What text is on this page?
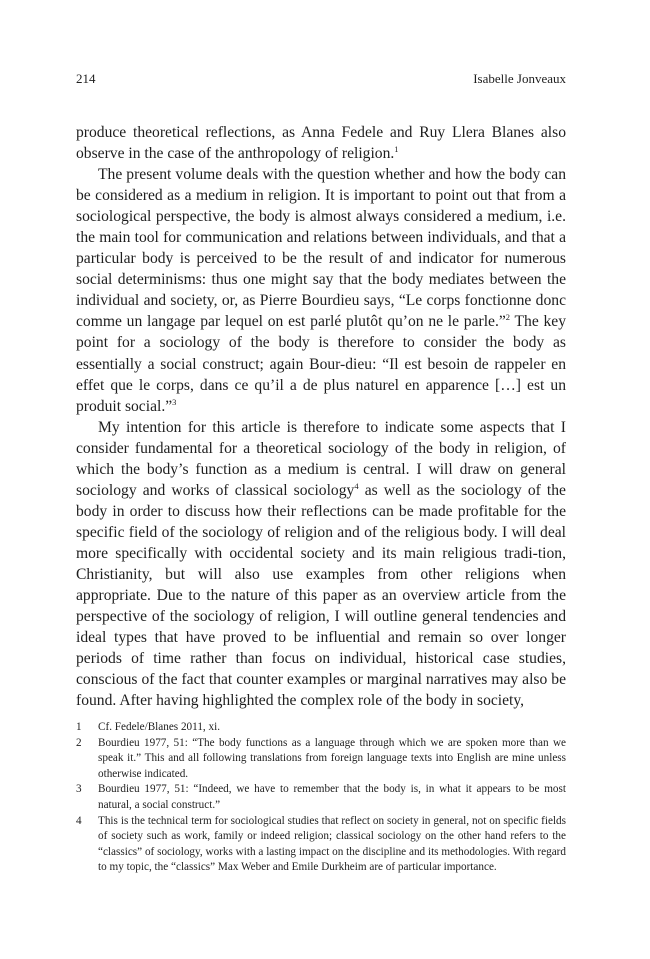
214	Isabelle Jonveaux

produce theoretical reflections, as Anna Fedele and Ruy Llera Blanes also observe in the case of the anthropology of religion.$^1$

The present volume deals with the question whether and how the body can be considered as a medium in religion. It is important to point out that from a sociological perspective, the body is almost always considered a medium, i.e. the main tool for communication and relations between individuals, and that a particular body is perceived to be the result of and indicator for numerous social determinisms: thus one might say that the body mediates between the individual and society, or, as Pierre Bourdieu says, “Le corps fonctionne donc comme un langage par lequel on est parlé plutôt qu’on ne le parle.”$^2$ The key point for a sociology of the body is therefore to consider the body as essentially a social construct; again Bour-dieu: “Il est besoin de rappeler en effet que le corps, dans ce qu’il a de plus naturel en apparence […] est un produit social.”$^3$

My intention for this article is therefore to indicate some aspects that I consider fundamental for a theoretical sociology of the body in religion, of which the body’s function as a medium is central. I will draw on general sociology and works of classical sociology$^4$ as well as the sociology of the body in order to discuss how their reflections can be made profitable for the specific field of the sociology of religion and of the religious body. I will deal more specifically with occidental society and its main religious tradi-tion, Christianity, but will also use examples from other religions when appropriate. Due to the nature of this paper as an overview article from the perspective of the sociology of religion, I will outline general tendencies and ideal types that have proved to be influential and remain so over longer periods of time rather than focus on individual, historical case studies, conscious of the fact that counter examples or marginal narratives may also be found. After having highlighted the complex role of the body in society,

1	Cf. Fedele/Blanes 2011, xi.
2	Bourdieu 1977, 51: “The body functions as a language through which we are spoken more than we speak it.” This and all following translations from foreign language texts into English are mine unless otherwise indicated.
3	Bourdieu 1977, 51: “Indeed, we have to remember that the body is, in what it appears to be most natural, a social construct.”
4	This is the technical term for sociological studies that reflect on society in general, not on specific fields of society such as work, family or indeed religion; classical sociology on the other hand refers to the “classics” of sociology, works with a lasting impact on the discipline and its methodologies. With regard to my topic, the “classics” Max Weber and Emile Durkheim are of particular importance.
